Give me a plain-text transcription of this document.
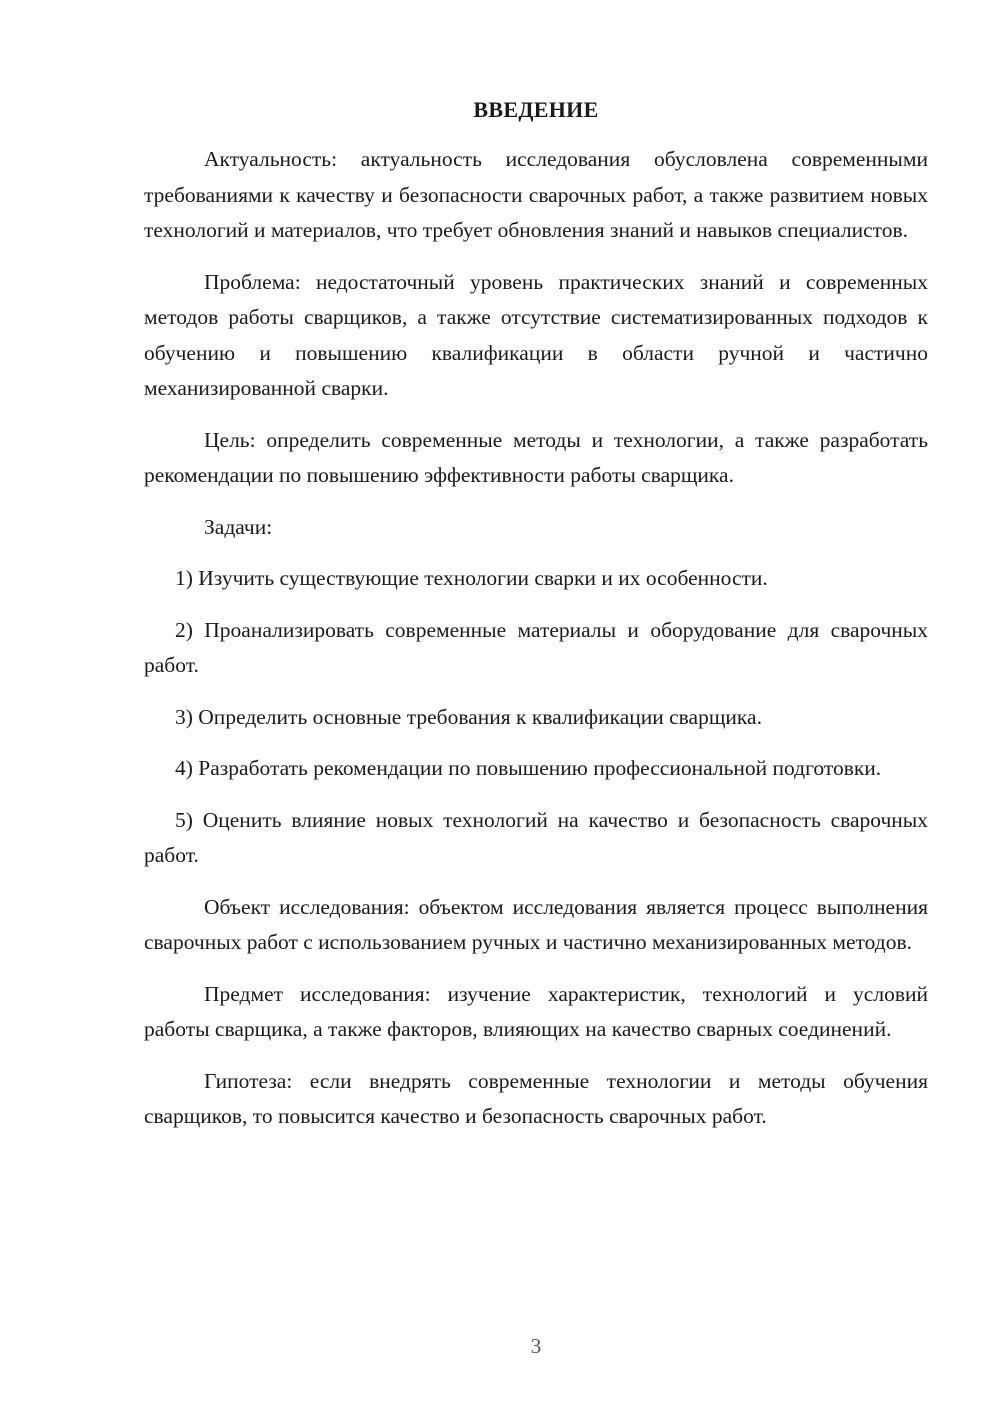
ВВЕДЕНИЕ

Актуальность: актуальность исследования обусловлена современными требованиями к качеству и безопасности сварочных работ, а также развитием новых технологий и материалов, что требует обновления знаний и навыков специалистов.

Проблема: недостаточный уровень практических знаний и современных методов работы сварщиков, а также отсутствие систематизированных подходов к обучению и повышению квалификации в области ручной и частично механизированной сварки.

Цель: определить современные методы и технологии, а также разработать рекомендации по повышению эффективности работы сварщика.

Задачи:

1) Изучить существующие технологии сварки и их особенности.

2) Проанализировать современные материалы и оборудование для сварочных работ.

3) Определить основные требования к квалификации сварщика.

4) Разработать рекомендации по повышению профессиональной подготовки.

5) Оценить влияние новых технологий на качество и безопасность сварочных работ.

Объект исследования: объектом исследования является процесс выполнения сварочных работ с использованием ручных и частично механизированных методов.

Предмет исследования: изучение характеристик, технологий и условий работы сварщика, а также факторов, влияющих на качество сварных соединений.

Гипотеза: если внедрять современные технологии и методы обучения сварщиков, то повысится качество и безопасность сварочных работ.

3
